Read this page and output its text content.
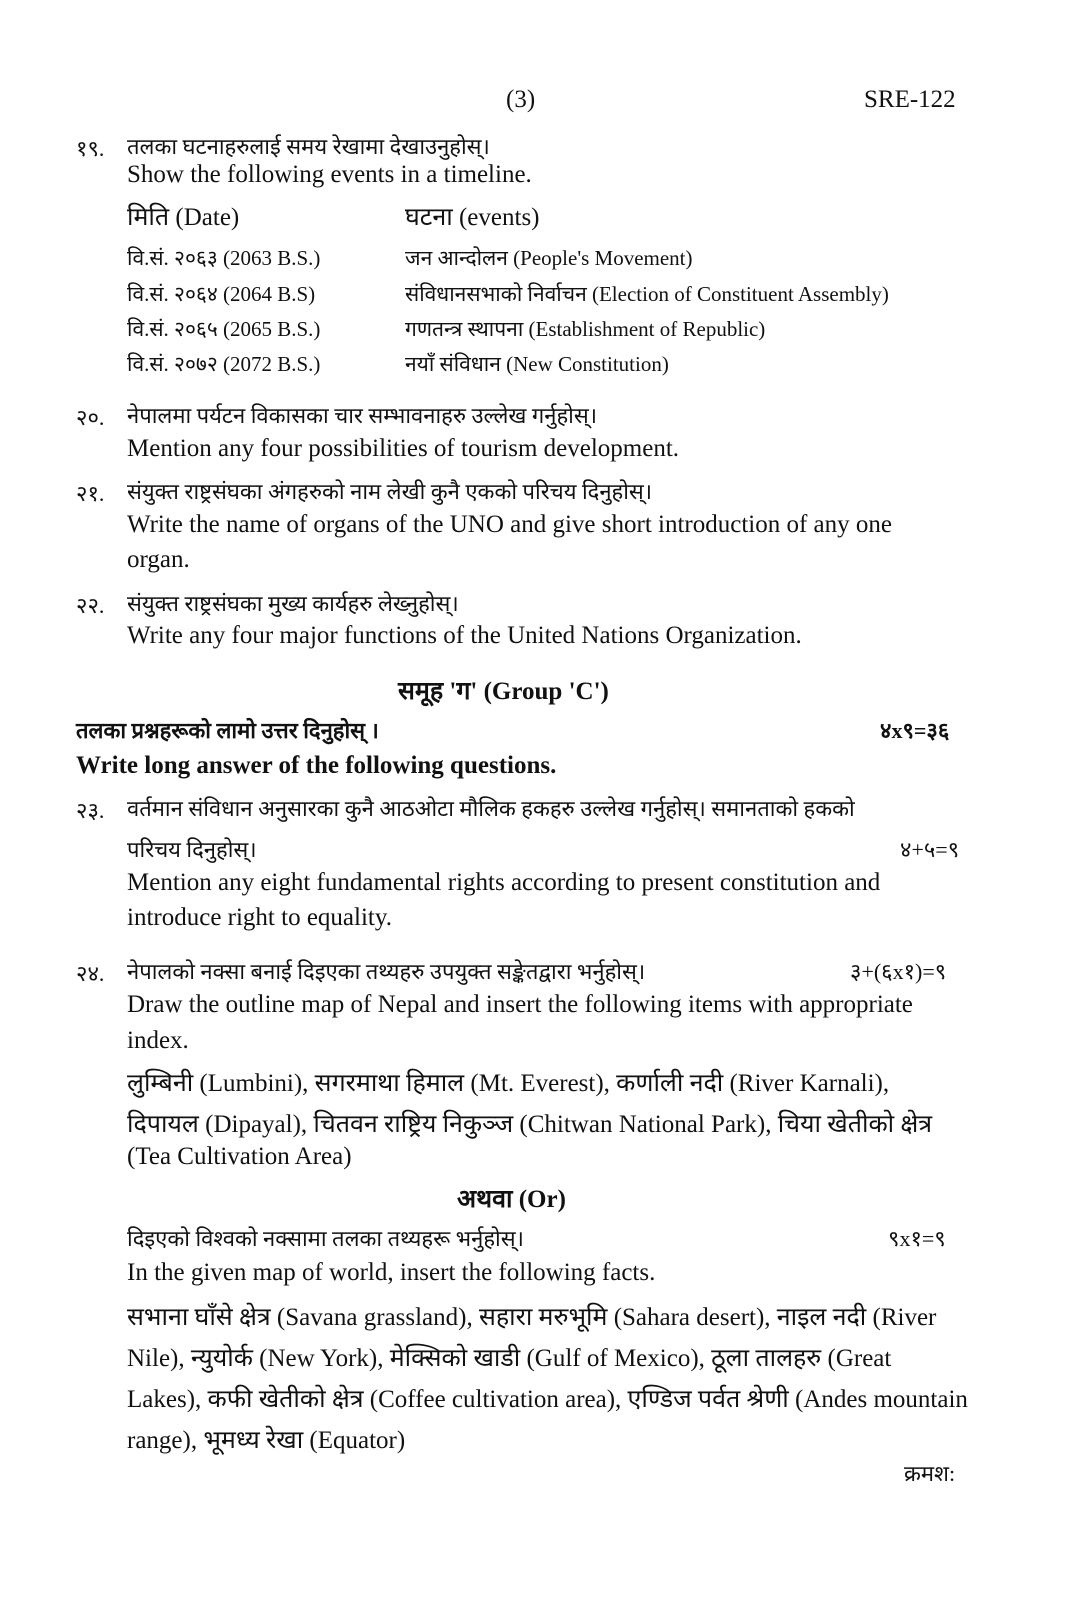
(3)	SRE-122
१९. तलका घटनाहरुलाई समय रेखामा देखाउनुहोस्।
Show the following events in a timeline.
मिति (Date)	घटना (events)
वि.सं. २०६३ (2063 B.S.)	जन आन्दोलन (People's Movement)
वि.सं. २०६४ (2064 B.S)	संविधानसभाको निर्वाचन (Election of Constituent Assembly)
वि.सं. २०६५ (2065 B.S.)	गणतन्त्र स्थापना (Establishment of Republic)
वि.सं. २०७२ (2072 B.S.)	नयाँ संविधान (New Constitution)
२०. नेपालमा पर्यटन विकासका चार सम्भावनाहरु उल्लेख गर्नुहोस्।
Mention any four possibilities of tourism development.
२१. संयुक्त राष्ट्रसंघका अंगहरुको नाम लेखी कुनै एकको परिचय दिनुहोस्।
Write the name of organs of the UNO and give short introduction of any one
organ.
२२. संयुक्त राष्ट्रसंघका मुख्य कार्यहरु लेख्नुहोस्।
Write any four major functions of the United Nations Organization.
समूह 'ग' (Group 'C')
तलका प्रश्नहरूको लामो उत्तर दिनुहोस् ।	४x९=३६
Write long answer of the following questions.
२३. वर्तमान संविधान अनुसारका कुनै आठओटा मौलिक हकहरु उल्लेख गर्नुहोस्। समानताको हकको
परिचय दिनुहोस्।	४+५=९
Mention any eight fundamental rights according to present constitution and
introduce right to equality.
२४. नेपालको नक्सा बनाई दिइएका तथ्यहरु उपयुक्त सङ्केतद्वारा भर्नुहोस्।	३+(६x१)=९
Draw the outline map of Nepal and insert the following items with appropriate
index.
लुम्बिनी (Lumbini), सगरमाथा हिमाल (Mt. Everest), कर्णाली नदी (River Karnali),
दिपायल (Dipayal), चितवन राष्ट्रिय निकुञ्ज (Chitwan National Park), चिया खेतीको क्षेत्र
(Tea Cultivation Area)
अथवा (Or)
दिइएको विश्वको नक्सामा तलका तथ्यहरू भर्नुहोस्।	९x१=९
In the given map of world, insert the following facts.
सभाना घाँसे क्षेत्र (Savana grassland), सहारा मरुभूमि (Sahara desert), नाइल नदी (River
Nile), न्युयोर्क (New York), मेक्सिको खाडी (Gulf of Mexico), ठूला तालहरु (Great
Lakes), कफी खेतीको क्षेत्र (Coffee cultivation area), एण्डिज पर्वत श्रेणी (Andes mountain
range), भूमध्य रेखा (Equator)
क्रमश:
